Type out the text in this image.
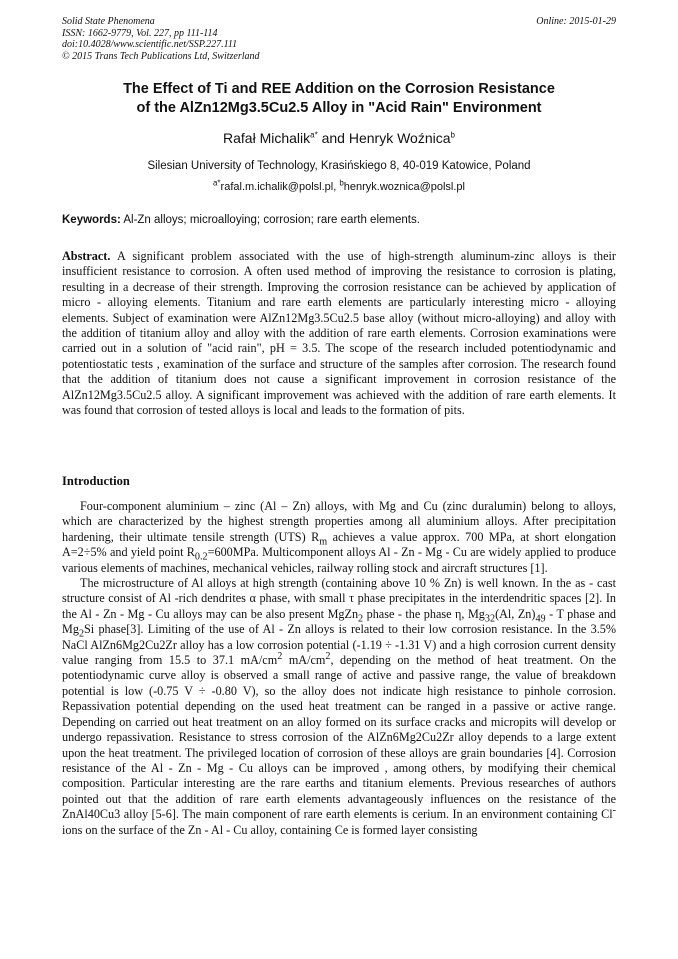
Solid State Phenomena
ISSN: 1662-9779, Vol. 227, pp 111-114
doi:10.4028/www.scientific.net/SSP.227.111
© 2015 Trans Tech Publications Ltd, Switzerland
Online: 2015-01-29
The Effect of Ti and REE Addition on the Corrosion Resistance
of the AlZn12Mg3.5Cu2.5 Alloy in "Acid Rain" Environment
Rafał Michalik$^{a*}$ and Henryk Woźnica$^b$
Silesian University of Technology, Krasińskiego 8, 40-019 Katowice, Poland
$^{a*}$rafal.m.ichalik@polsl.pl, $^b$henryk.woznica@polsl.pl
Keywords: Al-Zn alloys; microalloying; corrosion; rare earth elements.

Abstract. A significant problem associated with the use of high-strength aluminum-zinc alloys is their insufficient resistance to corrosion. A often used method of improving the resistance to corrosion is plating, resulting in a decrease of their strength. Improving the corrosion resistance can be achieved by application of micro - alloying elements. Titanium and rare earth elements are particularly interesting micro - alloying elements. Subject of examination were AlZn12Mg3.5Cu2.5 base alloy (without micro-alloying) and alloy with the addition of titanium alloy and alloy with the addition of rare earth elements. Corrosion examinations were carried out in a solution of "acid rain", pH = 3.5. The scope of the research included potentiodynamic and potentiostatic tests , examination of the surface and structure of the samples after corrosion. The research found that the addition of titanium does not cause a significant improvement in corrosion resistance of the AlZn12Mg3.5Cu2.5 alloy. A significant improvement was achieved with the addition of rare earth elements. It was found that corrosion of tested alloys is local and leads to the formation of pits.

Introduction

Four-component aluminium – zinc (Al – Zn) alloys, with Mg and Cu (zinc duralumin) belong to alloys, which are characterized by the highest strength properties among all aluminium alloys. After precipitation hardening, their ultimate tensile strength (UTS) $R_m$ achieves a value approx. 700 MPa, at short elongation A=2÷5% and yield point $R_{0.2}=600MPa$. Multicomponent alloys Al - Zn - Mg - Cu are widely applied to produce various elements of machines, mechanical vehicles, railway rolling stock and aircraft structures [1].

The microstructure of Al alloys at high strength (containing above 10 % Zn) is well known. In the as - cast structure consist of Al -rich dendrites α phase, with small τ phase precipitates in the interdendritic spaces [2]. In the Al - Zn - Mg - Cu alloys may can be also present MgZn$_2$ phase - the phase η, $Mg_{32}(Al$, $Zn)_{49}$ - T phase and $Mg_2Si$ phase[3]. Limiting of the use of Al - Zn alloys is related to their low corrosion resistance. In the 3.5% NaCl AlZn6Mg2Cu2Zr alloy has a low corrosion potential (-1.19 ÷ -1.31 V) and a high corrosion current density value ranging from 15.5 to 37.1 $mA/cm^2$ $mA/cm^2$, depending on the method of heat treatment. On the potentiodynamic curve alloy is observed a small range of active and passive range, the value of breakdown potential is low (-0.75 V ÷ -0.80 V), so the alloy does not indicate high resistance to pinhole corrosion. Repassivation potential depending on the used heat treatment can be ranged in a passive or active range. Depending on carried out heat treatment on an alloy formed on its surface cracks and micropits will develop or undergo repassivation. Resistance to stress corrosion of the AlZn6Mg2Cu2Zr alloy depends to a large extent upon the heat treatment. The privileged location of corrosion of these alloys are grain boundaries [4]. Corrosion resistance of the Al - Zn - Mg - Cu alloys can be improved , among others, by modifying their chemical composition. Particular interesting are the rare earths and titanium elements. Previous researches of authors pointed out that the addition of rare earth elements advantageously influences on the resistance of the ZnAl40Cu3 alloy [5-6]. The main component of rare earth elements is cerium. In an environment containing Cl- ions on the surface of the Zn - Al - Cu alloy, containing Ce is formed layer consisting
